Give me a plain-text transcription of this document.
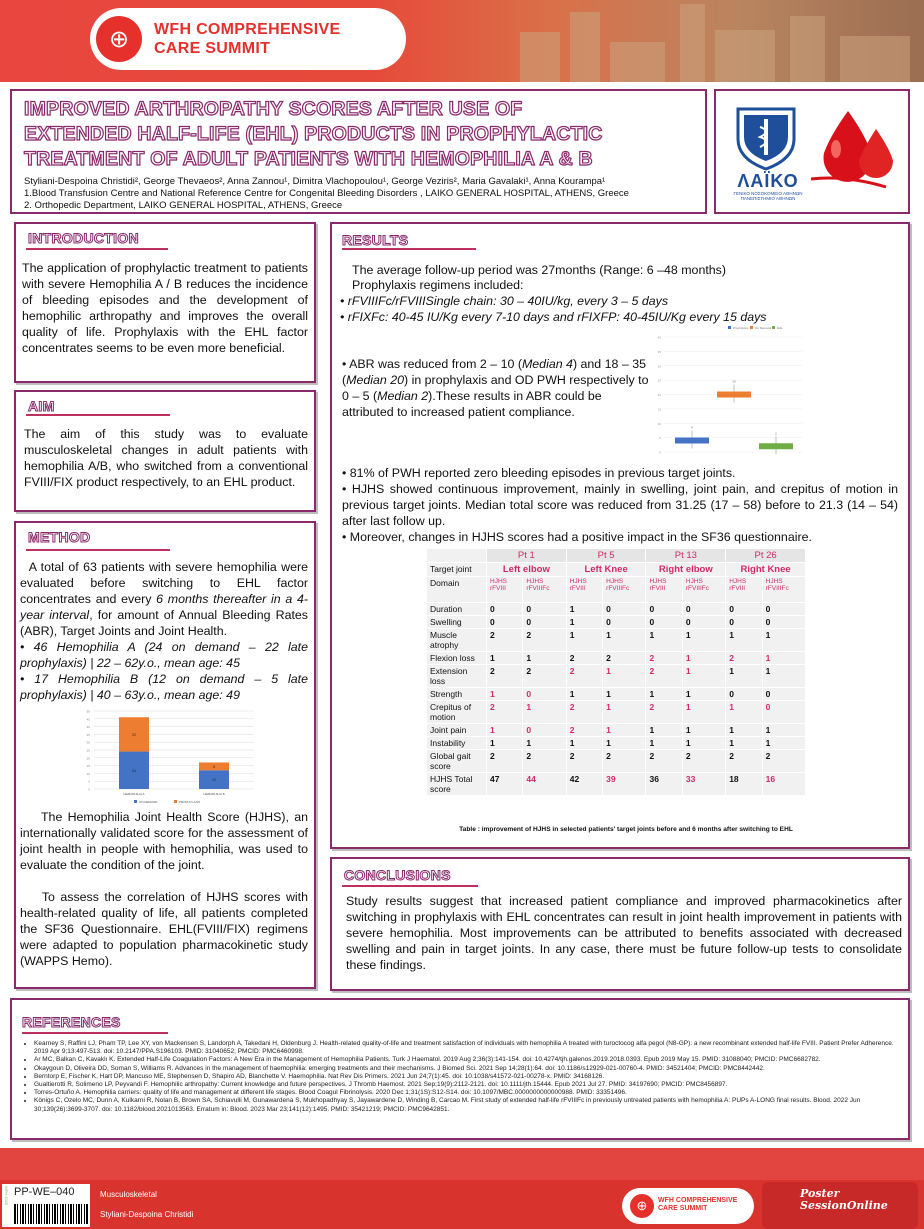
⊕	WFH COMPREHENSIVE
CARE SUMMIT
IMPROVED ARTHROPATHY SCORES AFTER USE OF
EXTENDED HALF-LIFE (EHL) PRODUCTS IN PROPHYLACTIC
TREATMENT OF ADULT PATIENTS WITH HEMOPHILIA A & B
Styliani-Despoina Christidi², George Thevaeos², Anna Zannou¹, Dimitra Vlachopoulou¹, George Veziris², Maria Gavalaki¹, Anna Kourampa¹
1.Blood Transfusion Centre and National Reference Centre for Congenital Bleeding Disorders , LAIKO GENERAL HOSPITAL, ATHENS, Greece
2. Orthopedic Department, LAIKO GENERAL HOSPITAL, ATHENS, Greece
ΛΑΪΚΟ
ΓΕΝΙΚΟ ΝΟΣΟΚΟΜΕΙΟ ΑΘΗΝΩΝ ΠΑΝΕΠΙΣΤΗΜΙΟ ΑΘΗΝΩΝ
INTRODUCTION
The application of prophylactic treatment to patients with severe Hemophilia A / B reduces the incidence of bleeding episodes and the development of hemophilic arthropathy and improves the overall quality of life. Prophylaxis with the EHL factor concentrates seems to be even more beneficial.
AIM
The aim of this study was to evaluate musculoskeletal changes in adult patients with hemophilia A/B, who switched from a conventional FVIII/FIX product respectively, to an EHL product.
METHOD
A total of 63 patients with severe hemophilia were evaluated before switching to EHL factor concentrates and every 6 months thereafter in a 4-year interval, for amount of Annual Bleeding Rates (ABR), Target Joints and Joint Health.
• 46 Hemophilia A (24 on demand – 22 late prophylaxis) | 22 – 62y.o., mean age: 45
• 17 Hemophilia B (12 on demand – 5 late prophylaxis) | 40 – 63y.o., mean age: 49
0
5
10
15
20
25
30
35
40
45
50
24
22
HEMOPHILIA A
12
5
HEMOPHILIA B
ON DEMAND	PROPHYLAXIS
The Hemophilia Joint Health Score (HJHS), an internationally validated score for the assessment of joint health in people with hemophilia, was used to evaluate the condition of the joint.
To assess the correlation of HJHS scores with health-related quality of life, all patients completed the SF36 Questionnaire. EHL(FVIII/FIX) regimens were adapted to population pharmacokinetic study (WAPPS Hemo).
RESULTS
The average follow-up period was 27months (Range: 6 –48 months)
Prophylaxis regimens included:
• rFVIIIFc/rFVIIISingle chain: 30 – 40IU/kg, every 3 – 5 days
• rFIXFc: 40-45 IU/Kg every 7-10 days and rFIXFP: 40-45IU/Kg every 15 days
• ABR was reduced from 2 – 10 (Median 4) and 18 – 35 (Median 20) in prophylaxis and OD PWH respectively to 0 – 5 (Median 2).These results in ABR could be attributed to increased patient compliance.
0
5
10
15
20
25
30
35
40
4
Prophylaxis
20
On Demand
2
EHL
• 81% of PWH reported zero bleeding episodes in previous target joints.
• HJHS showed continuous improvement, mainly in swelling, joint pain, and crepitus of motion in previous target joints. Median total score was reduced from 31.25 (17 – 58) before to 21.3 (14 – 54) after last follow up.
• Moreover, changes in HJHS scores had a positive impact in the SF36 questionnaire.
Table : improvement of HJHS in selected patients' target joints before and 6 months after switching to EHL
	Pt 1		Pt 5		Pt 13		Pt 26	
Target joint	Left elbow		Left Knee		Right elbow		Right Knee	
Domain	HJHS rFVIII	HJHS rFVIIIFc	HJHS rFVIII	HJHS rFVIIIFc	HJHS rFVIII	HJHS rFVIIIFc	HJHS rFVIII	HJHS rFVIIIFc
Duration	0	0	1	0	0	0	0	0
Swelling	0	0	1	0	0	0	0	0
Muscle atrophy	2	2	1	1	1	1	1	1
Flexion loss	1	1	2	2	2	1	2	1
Extension loss	2	2	2	1	2	1	1	1
Strength	1	0	1	1	1	1	0	0
Crepitus of motion	2	1	2	1	2	1	1	0
Joint pain	1	0	2	1	1	1	1	1
Instability	1	1	1	1	1	1	1	1
Global gait score	2	2	2	2	2	2	2	2
HJHS Total score	47	44	42	39	36	33	18	16
CONCLUSIONS
Study results suggest that increased patient compliance and improved pharmacokinetics after switching in prophylaxis with EHL concentrates can result in joint health improvement in patients with severe hemophilia. Most improvements can be attributed to benefits associated with decreased swelling and pain in target joints. In any case, there must be future follow-up tests to consolidate these findings.
REFERENCES
• Kearney S, Raffini LJ, Pham TP, Lee XY, von Mackensen S, Landorph A, Takedani H, Oldenburg J. Health-related quality-of-life and treatment satisfaction of individuals with hemophilia A treated with turoctocog alfa pegol (N8-GP): a new recombinant extended half-life FVIII. Patient Prefer Adherence. 2019 Apr 9;13:497-513. doi: 10.2147/PPA.S196103. PMID: 31040652; PMCID: PMC6460998.
• Ar MC, Balkan C, Kavaklı K. Extended Half-Life Coagulation Factors: A New Era in the Management of Hemophilia Patients. Turk J Haematol. 2019 Aug 2;36(3):141-154. doi: 10.4274/tjh.galenos.2019.2018.0393. Epub 2019 May 15. PMID: 31088040; PMCID: PMC6682782.
• Okaygoun D, Oliveira DD, Soman S, Williams R. Advances in the management of haemophilia: emerging treatments and their mechanisms. J Biomed Sci. 2021 Sep 14;28(1):64. doi: 10.1186/s12929-021-00760-4. PMID: 34521404; PMCID: PMC8442442.
• Berntorp E, Fischer K, Hart DP, Mancuso ME, Stephensen D, Shapiro AD, Blanchette V. Haemophilia. Nat Rev Dis Primers. 2021 Jun 24;7(1):45. doi: 10.1038/s41572-021-00278-x. PMID: 34168126.
• Gualtierotti R, Solimeno LP, Peyvandi F. Hemophilic arthropathy: Current knowledge and future perspectives. J Thromb Haemost. 2021 Sep;19(9):2112-2121. doi: 10.1111/jth.15444. Epub 2021 Jul 27. PMID: 34197690; PMCID: PMC8456897.
• Torres-Ortuño A. Hemophilia carriers: quality of life and management at different life stages. Blood Coagul Fibrinolysis. 2020 Dec 1;31(1S):S12-S14. doi: 10.1097/MBC.0000000000000988. PMID: 33351496.
• Königs C, Ozelo MC, Dunn A, Kulkarni R, Nolan B, Brown SA, Schiavulli M, Gunawardena S, Mukhopadhyay S, Jayawardene D, Winding B, Carcao M. First study of extended half-life rFVIIIFc in previously untreated patients with hemophilia A: PUPs A-LONG final results. Blood. 2022 Jun 30;139(26):3699-3707. doi: 10.1182/blood.2021013563. Erratum in: Blood. 2023 Mar 23;141(12):1495. PMID: 35421219; PMCID: PMC9642851.
PP-WE–040
WFH 2025	Musculoskeletal
Styliani-Despoina Christidi
⊕	WFH COMPREHENSIVE
CARE SUMMIT
Poster
SessionOnline
